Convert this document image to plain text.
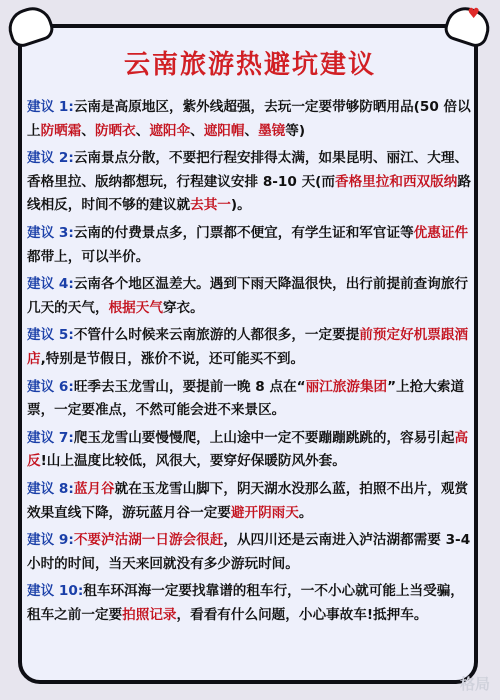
♥
云南旅游热避坑建议
建议 1:云南是高原地区，紫外线超强，去玩一定要带够防晒用品(50 倍以上防晒霜、防晒衣、遮阳伞、遮阳帽、墨镜等)
建议 2:云南景点分散，不要把行程安排得太满，如果昆明、丽江、大理、香格里拉、版纳都想玩，行程建议安排 8-10 天(而香格里拉和西双版纳路线相反，时间不够的建议就去其一)。
建议 3:云南的付费景点多，门票都不便宜，有学生证和军官证等优惠证件都带上，可以半价。
建议 4:云南各个地区温差大。遇到下雨天降温很快，出行前提前查询旅行几天的天气，根据天气穿衣。
建议 5:不管什么时候来云南旅游的人都很多，一定要提前预定好机票跟酒店,特别是节假日，涨价不说，还可能买不到。
建议 6:旺季去玉龙雪山，要提前一晚 8 点在“丽江旅游集团”上抢大索道票，一定要准点，不然可能会进不来景区。
建议 7:爬玉龙雪山要慢慢爬，上山途中一定不要蹦蹦跳跳的，容易引起高反!山上温度比较低，风很大，要穿好保暖防风外套。
建议 8:蓝月谷就在玉龙雪山脚下，阴天湖水没那么蓝，拍照不出片，观赏效果直线下降，游玩蓝月谷一定要避开阴雨天。
建议 9:不要泸沽湖一日游会很赶，从四川还是云南进入泸沽湖都需要 3-4 小时的时间，当天来回就没有多少游玩时间。
建议 10:租车环洱海一定要找靠谱的租车行，一不小心就可能上当受骗，租车之前一定要拍照记录，看看有什么问题，小心事故车!抵押车。
格局
